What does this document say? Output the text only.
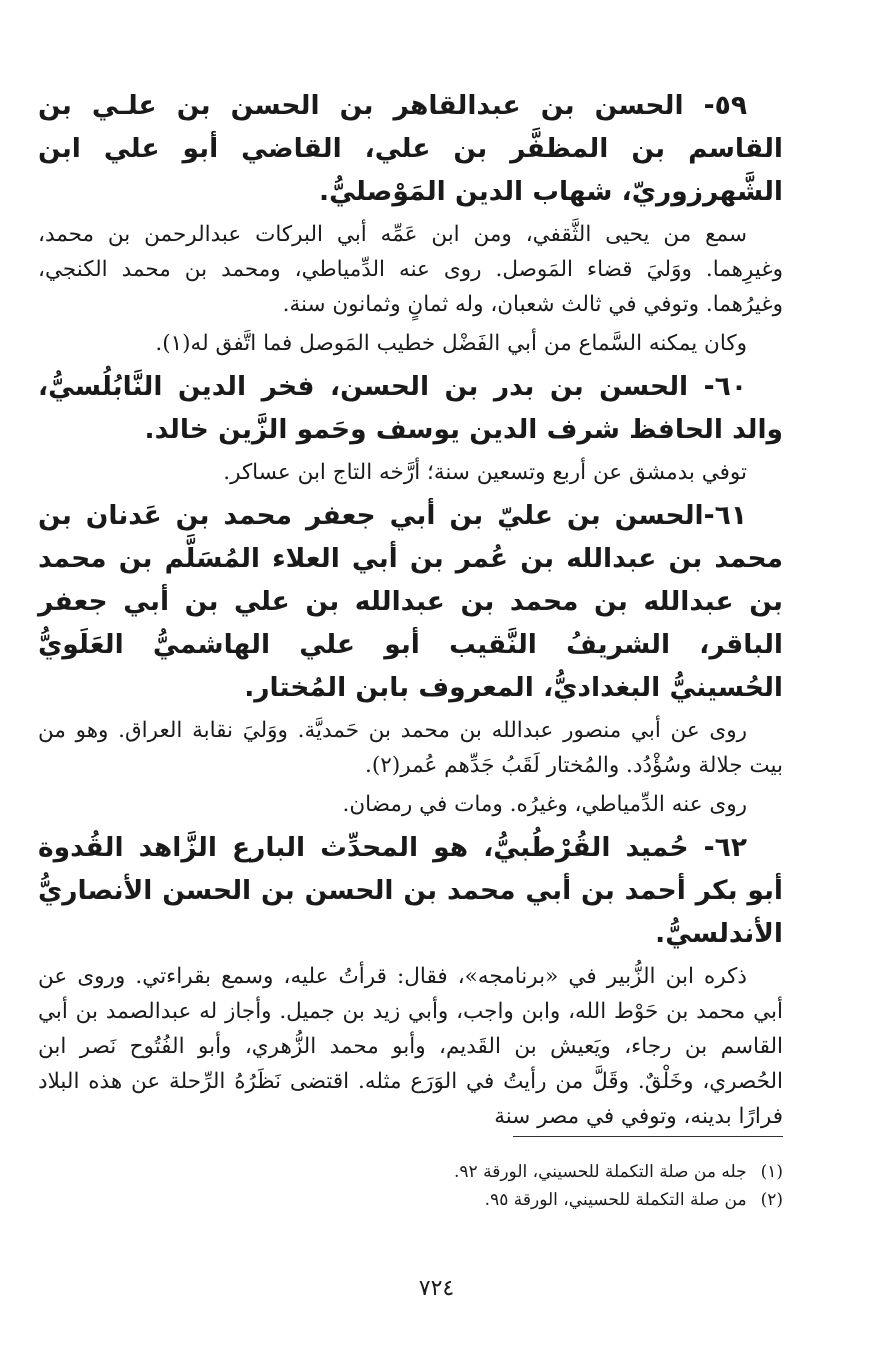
٥٩- الحسن بن عبدالقاهر بن الحسن بن علـي بن القاسم بن المظفَّر بن علي، القاضي أبو علي ابن الشَّهرزوريّ، شهاب الدين المَوْصليُّ.

سمع من يحيى الثَّقفي، ومن ابن عَمِّه أبي البركات عبدالرحمن بن محمد، وغيرِهما. ووَليَ قضاء المَوصل. روى عنه الدِّمياطي، ومحمد بن محمد الكنجي، وغيرُهما. وتوفي في ثالث شعبان، وله ثمانٍ وثمانون سنة.

وكان يمكنه السَّماع من أبي الفَضْل خطيب المَوصل فما اتَّفق له(١).

٦٠- الحسن بن بدر بن الحسن، فخر الدين النَّابُلُسيُّ، والد الحافظ شرف الدين يوسف وحَمو الزَّين خالد.

توفي بدمشق عن أربع وتسعين سنة؛ أرَّخه التاج ابن عساكر.

٦١-الحسن بن عليّ بن أبي جعفر محمد بن عَدنان بن محمد بن عبدالله بن عُمر بن أبي العلاء المُسَلَّم بن محمد بن عبدالله بن محمد بن عبدالله بن علي بن أبي جعفر الباقر، الشريفُ النَّقيب أبو علي الهاشميُّ العَلَويُّ الحُسينيُّ البغداديُّ، المعروف بابن المُختار.

روى عن أبي منصور عبدالله بن محمد بن حَمديَّة. ووَليَ نقابة العراق. وهو من بيت جلالة وسُؤْدُد. والمُختار لَقَبُ جَدِّهم عُمر(٢).

روى عنه الدِّمياطي، وغيرُه. ومات في رمضان.

٦٢- حُميد القُرْطُبيُّ، هو المحدِّث البارع الزَّاهد القُدوة أبو بكر أحمد بن أبي محمد بن الحسن بن الحسن الأنصاريُّ الأندلسيُّ.

ذكره ابن الزُّبير في «برنامجه»، فقال: قرأتُ عليه، وسمع بقراءتي. وروى عن أبي محمد بن حَوْط الله، وابن واجب، وأبي زيد بن جميل. وأجاز له عبدالصمد بن أبي القاسم بن رجاء، ويَعيش بن القَديم، وأبو محمد الزُّهري، وأبو الفُتُوح نَصر ابن الحُصري، وخَلْقٌ. وقَلَّ من رأيتُ في الوَرَع مثله. اقتضى نَظَرُهُ الرِّحلة عن هذه البلاد فرارًا بدينه، وتوفي في مصر سنة

(١)جله من صلة التكملة للحسيني، الورقة ٩٢.

(٢)من صلة التكملة للحسيني، الورقة ٩٥.

٧٢٤
